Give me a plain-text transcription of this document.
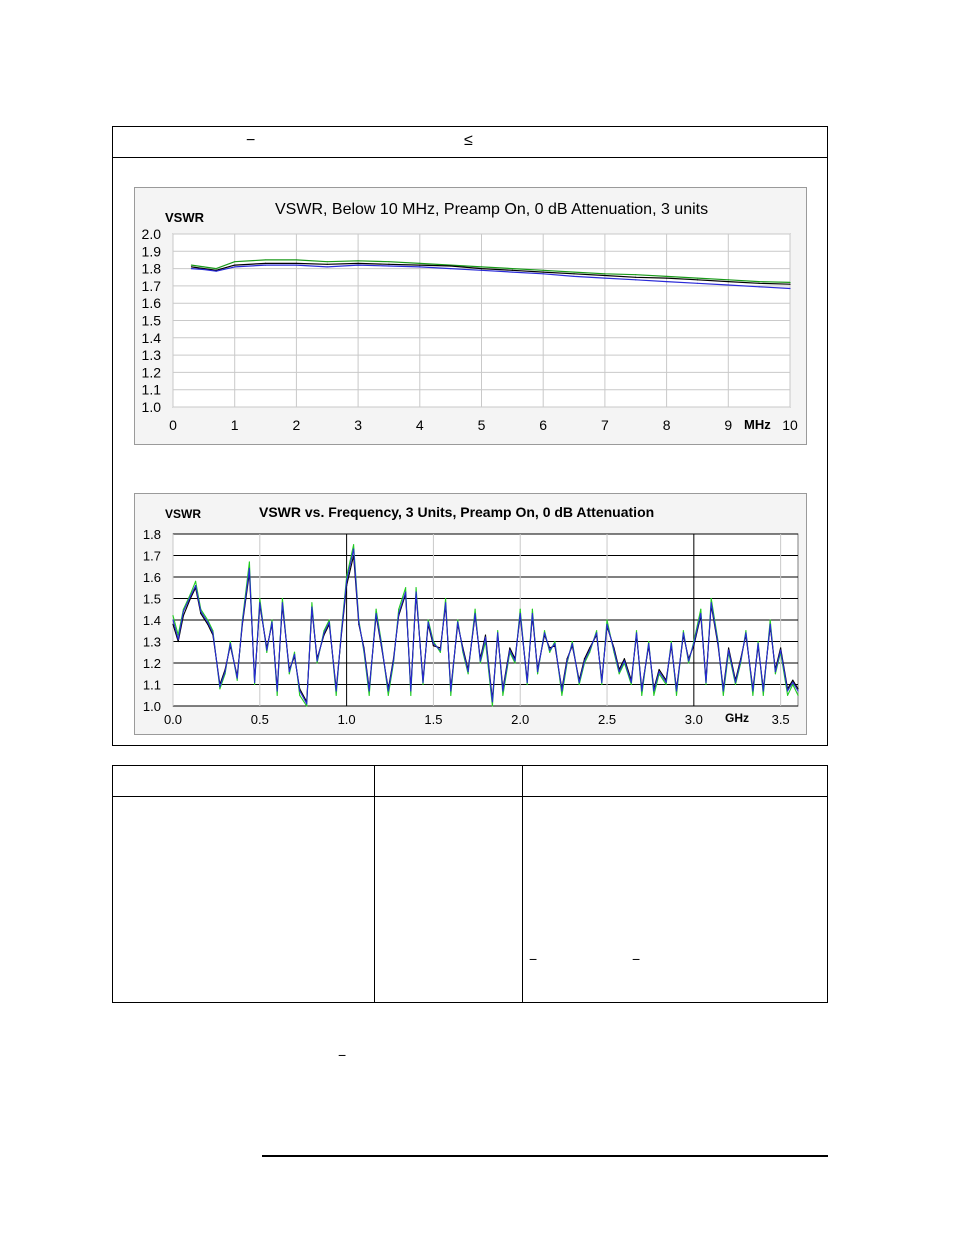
−	≤
2.0
1.9
1.8
1.7
1.6
1.5
1.4
1.3
1.2
1.1
1.0
0	1	2	3	4	5	6	7	8	9	10
VSWR, Below 10 MHz, Preamp On, 0 dB Attenuation, 3 units
VSWR
MHz
1.8
1.7
1.6
1.5
1.4
1.3
1.2
1.1
1.0
0.0	0.5	1.0	1.5	2.0	2.5	3.0	3.5
VSWR vs. Frequency, 3 Units, Preamp On, 0 dB Attenuation
VSWR
GHz
−	−
−
